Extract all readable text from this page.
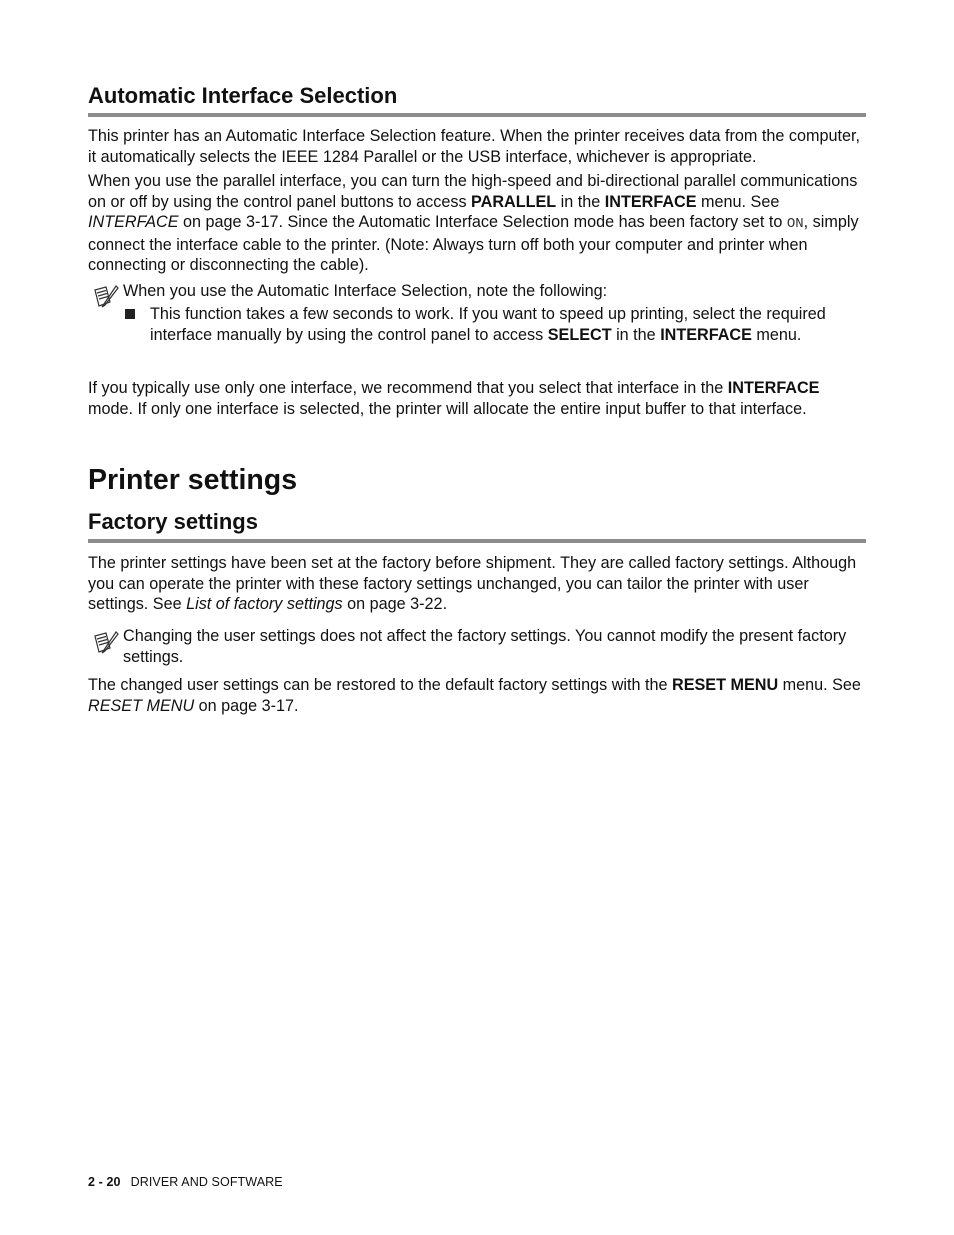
Automatic Interface Selection

This printer has an Automatic Interface Selection feature. When the printer receives data from the computer, it automatically selects the IEEE 1284 Parallel or the USB interface, whichever is appropriate.

When you use the parallel interface, you can turn the high-speed and bi-directional parallel communications on or off by using the control panel buttons to access PARALLEL in the INTERFACE menu. See INTERFACE on page 3-17. Since the Automatic Interface Selection mode has been factory set to ON, simply connect the interface cable to the printer. (Note: Always turn off both your computer and printer when connecting or disconnecting the cable).

When you use the Automatic Interface Selection, note the following:

This function takes a few seconds to work. If you want to speed up printing, select the required interface manually by using the control panel to access SELECT in the INTERFACE menu.

If you typically use only one interface, we recommend that you select that interface in the INTERFACE mode. If only one interface is selected, the printer will allocate the entire input buffer to that interface.

Printer settings
Factory settings

The printer settings have been set at the factory before shipment. They are called factory settings. Although you can operate the printer with these factory settings unchanged, you can tailor the printer with user settings. See List of factory settings on page 3-22.

Changing the user settings does not affect the factory settings. You cannot modify the present factory settings.

The changed user settings can be restored to the default factory settings with the RESET MENU menu. See RESET MENU on page 3-17.

2 - 20 DRIVER AND SOFTWARE
